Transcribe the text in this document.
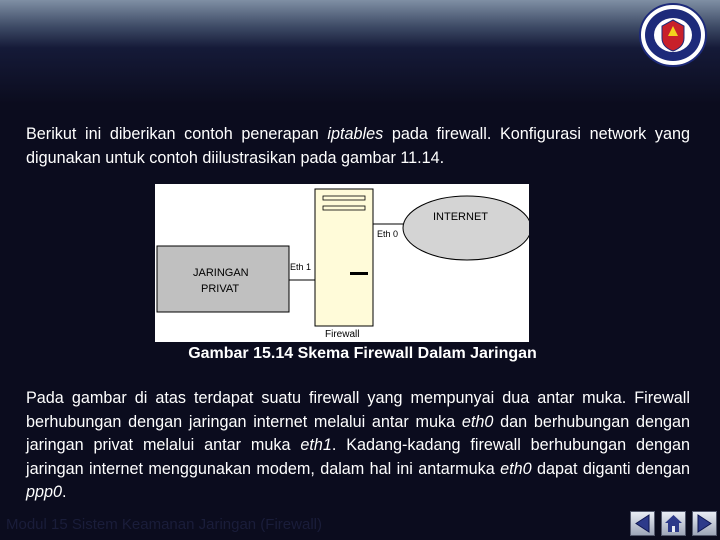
Berikut ini diberikan contoh penerapan iptables pada firewall. Konfigurasi network yang digunakan untuk contoh diilustrasikan pada gambar 11.14.

JARINGAN
PRIVAT
Eth 1
Firewall
Eth 0
INTERNET
Gambar 15.14 Skema Firewall Dalam Jaringan

Pada gambar di atas terdapat suatu firewall yang mempunyai dua antar muka. Firewall berhubungan dengan jaringan internet melalui antar muka eth0 dan berhubungan dengan jaringan privat melalui antar muka eth1. Kadang-kadang firewall berhubungan dengan jaringan internet menggunakan modem, dalam hal ini antarmuka eth0 dapat diganti dengan ppp0.

Modul 15 Sistem Keamanan Jaringan (Firewall)
